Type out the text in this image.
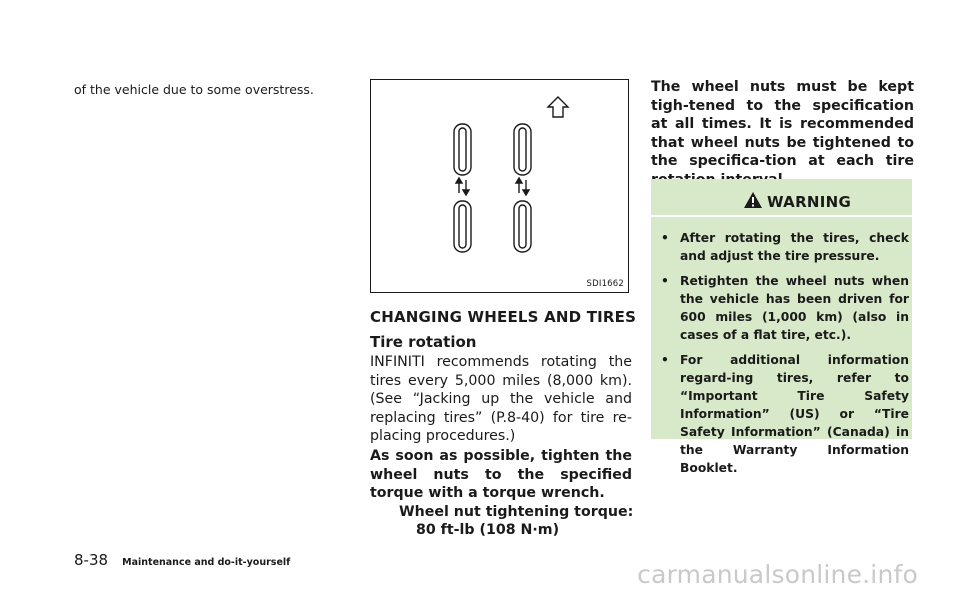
of the vehicle due to some overstress.

SDI1662
CHANGING WHEELS AND TIRES
Tire rotation

INFINITI recommends rotating the tires every 5,000 miles (8,000 km). (See “Jacking up the vehicle and replacing tires” (P.8-40) for tire re-placing procedures.)

As soon as possible, tighten the wheel nuts to the specified torque with a torque wrench.

Wheel nut tightening torque:

80 ft-lb (108 N·m)

The wheel nuts must be kept tigh-tened to the specification at all times. It is recommended that wheel nuts be tightened to the specifica-tion at each tire

WARNING
• After rotating the tires, check and adjust the tire pressure.
• Retighten the wheel nuts when the vehicle has been driven for 600 miles (1,000 km) (also in cases of a flat tire, etc.).
• For additional information regard-ing tires, refer to “Important Tire Safety Information” (US) or “Tire Safety Information” (Canada) in the Warranty Information Booklet.
8-38 Maintenance and do-it-yourself	carmanualsonline.info
